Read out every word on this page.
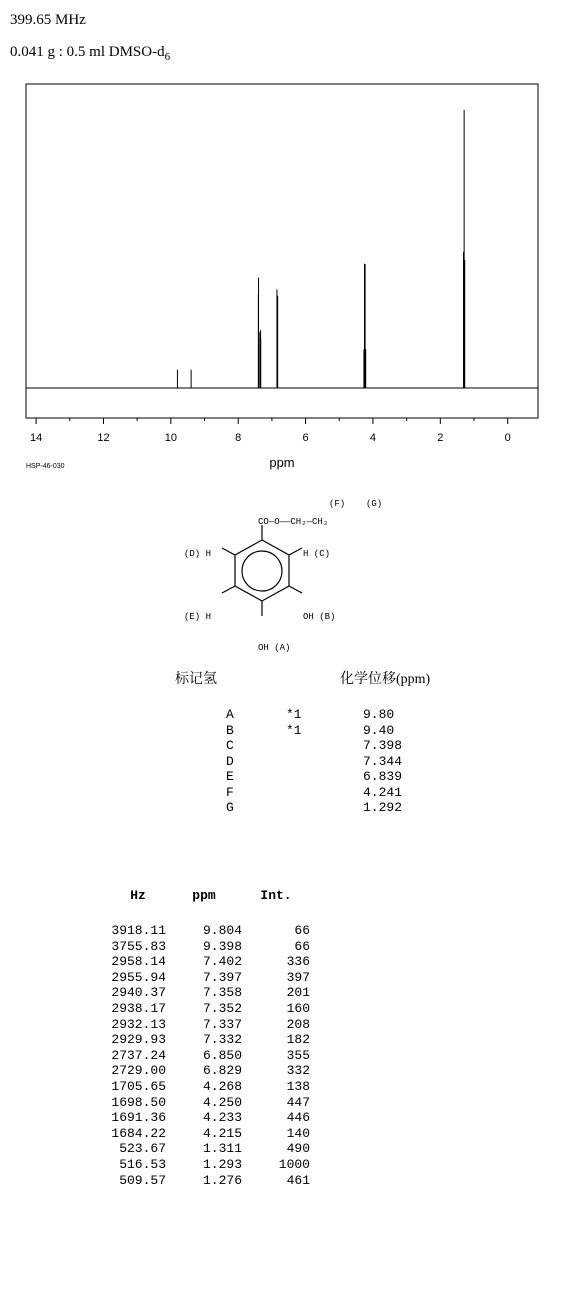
399.65 MHz
0.041 g : 0.5 ml DMSO-$d_6$
14	12	10	8	6	4	2	0
ppm
HSP-46-030
(F) (G)
CO—O——CH₂—CH₃
(D) H	H (C)
(E) H	OH (B)
OH (A)
标记氢	化学位移(ppm)
A	*1	9.80
B	*1	9.40
C		7.398
D		7.344
E		6.839
F		4.241
G		1.292
Hz	ppm	Int.

3918.11	9.804	66
3755.83	9.398	66
2958.14	7.402	336
2955.94	7.397	397
2940.37	7.358	201
2938.17	7.352	160
2932.13	7.337	208
2929.93	7.332	182
2737.24	6.850	355
2729.00	6.829	332
1705.65	4.268	138
1698.50	4.250	447
1691.36	4.233	446
1684.22	4.215	140
523.67	1.311	490
516.53	1.293	1000
509.57	1.276	461
